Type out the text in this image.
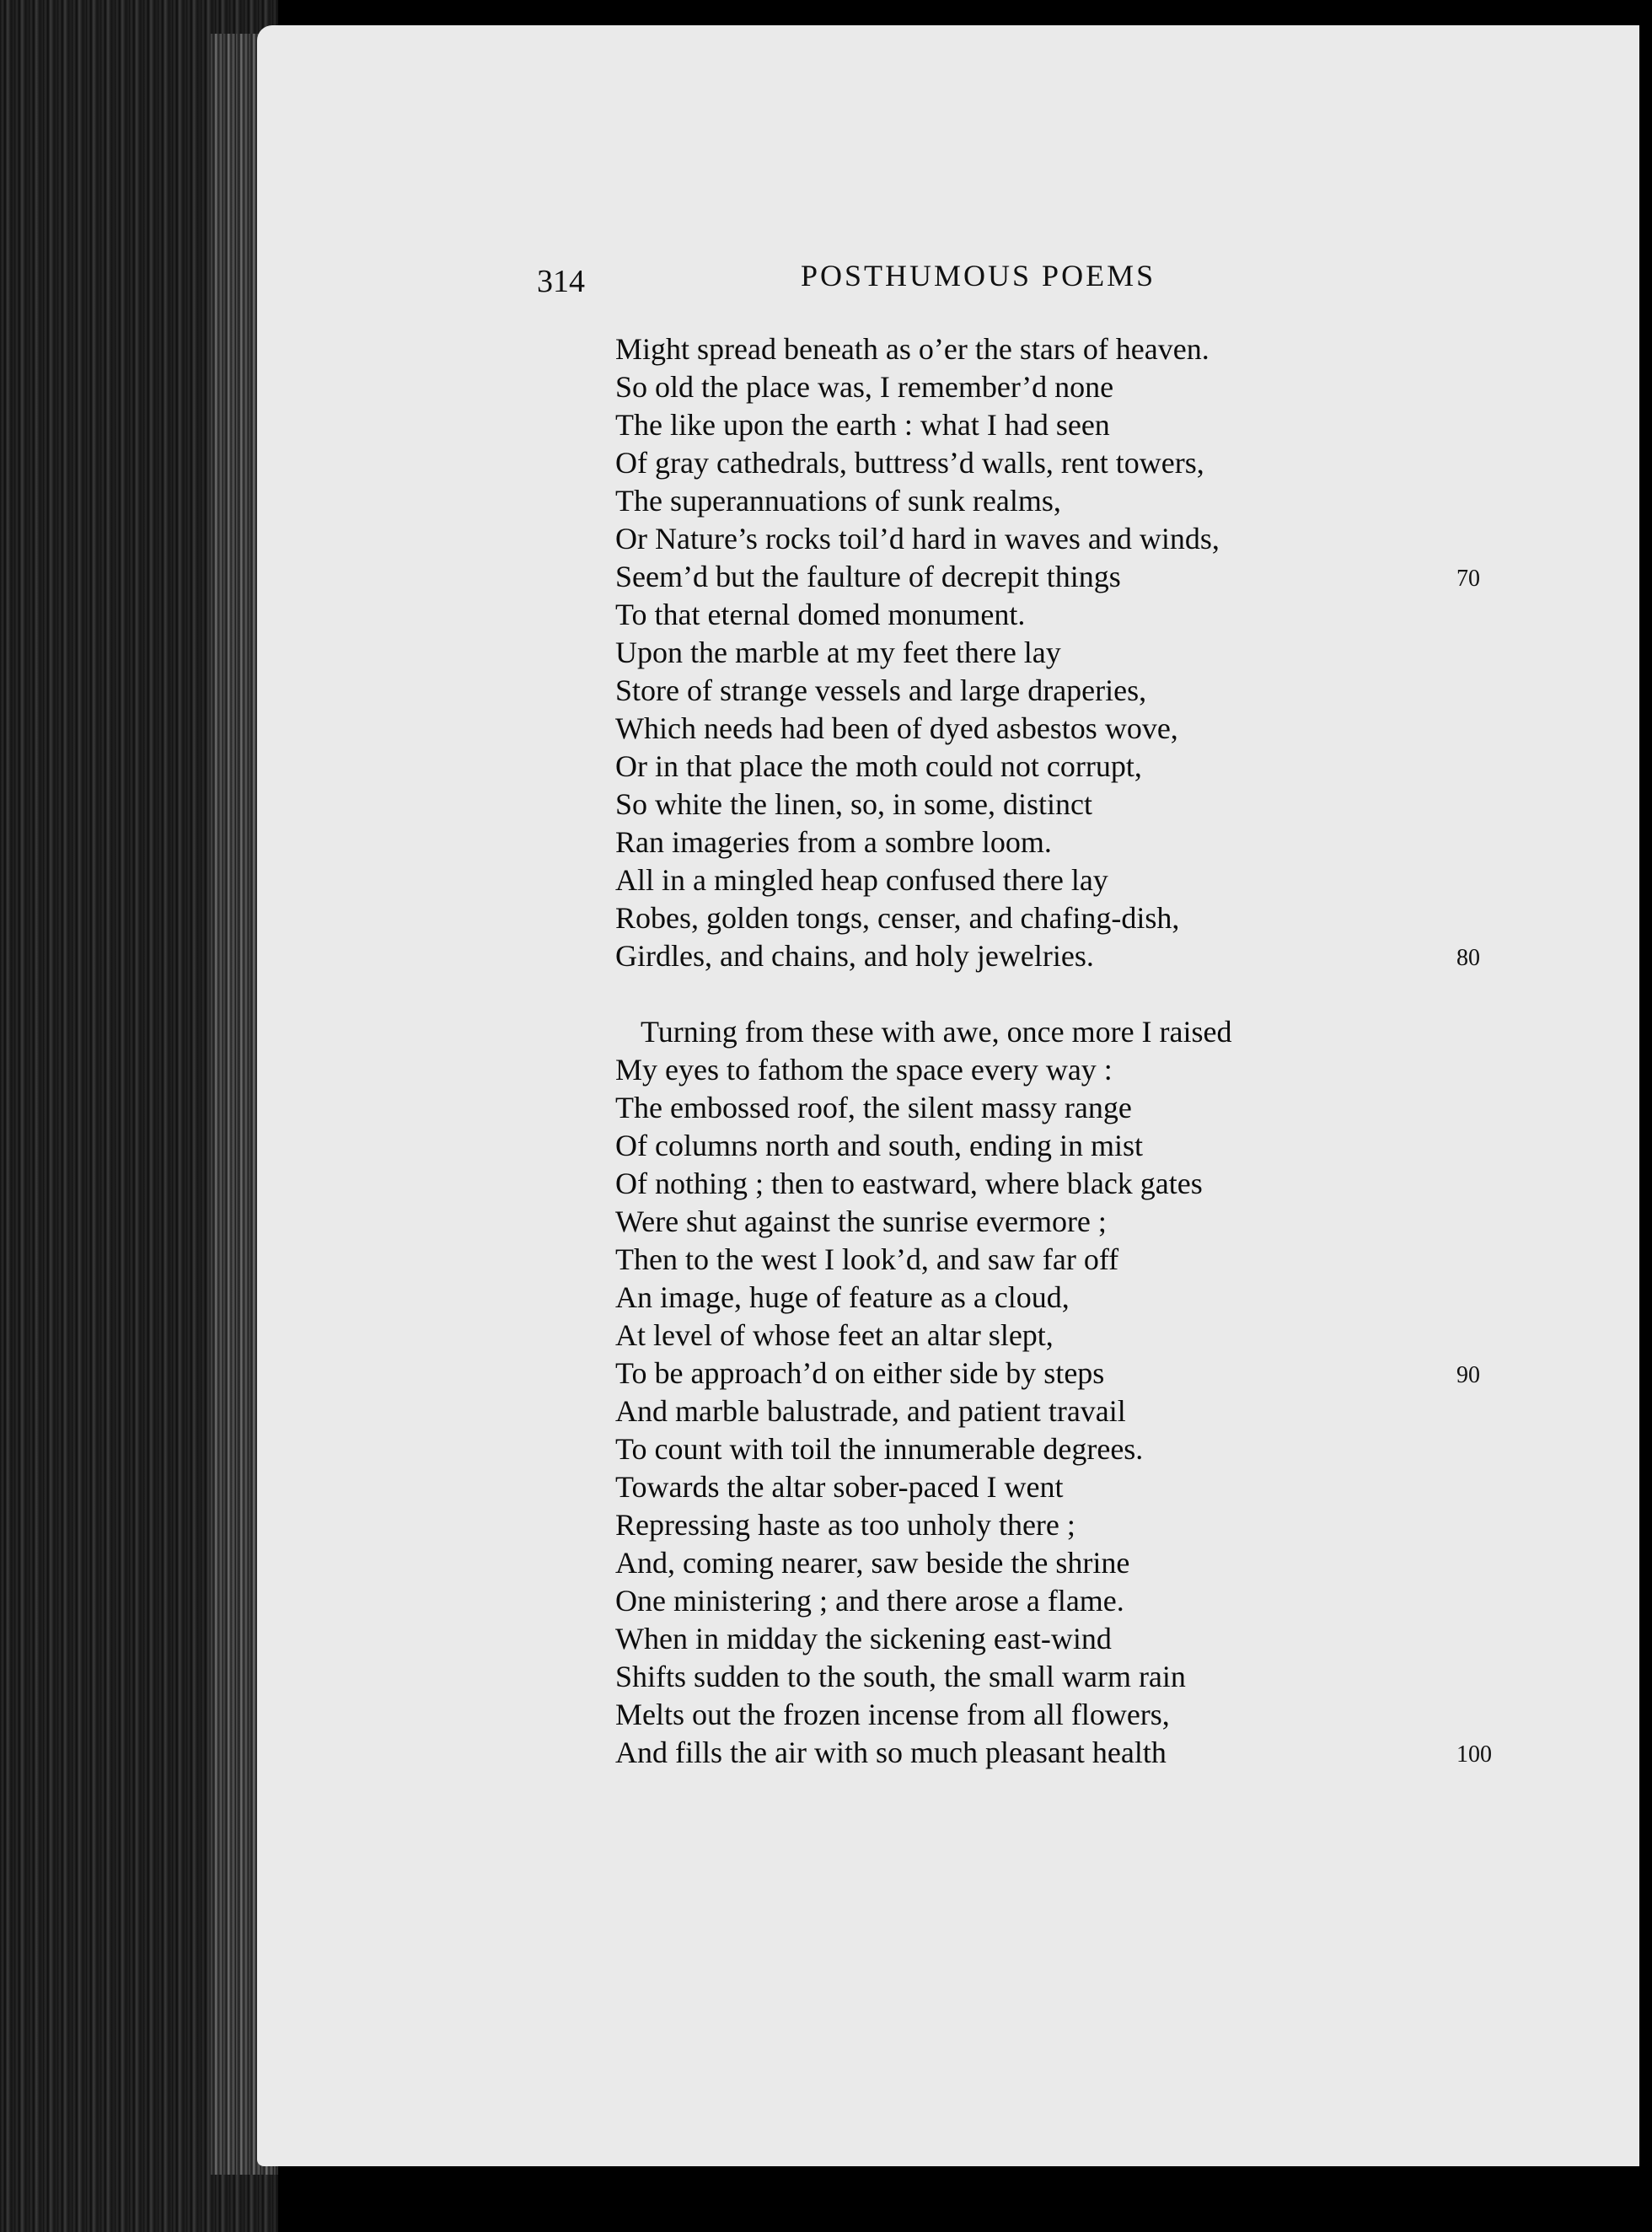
314	POSTHUMOUS POEMS
Might spread beneath as o’er the stars of heaven.
So old the place was, I remember’d none
The like upon the earth : what I had seen
Of gray cathedrals, buttress’d walls, rent towers,
The superannuations of sunk realms,
Or Nature’s rocks toil’d hard in waves and winds,
Seem’d but the faulture of decrepit things	70
To that eternal domed monument.
Upon the marble at my feet there lay
Store of strange vessels and large draperies,
Which needs had been of dyed asbestos wove,
Or in that place the moth could not corrupt,
So white the linen, so, in some, distinct
Ran imageries from a sombre loom.
All in a mingled heap confused there lay
Robes, golden tongs, censer, and chafing-dish,
Girdles, and chains, and holy jewelries.	80
Turning from these with awe, once more I raised
My eyes to fathom the space every way :
The embossed roof, the silent massy range
Of columns north and south, ending in mist
Of nothing ; then to eastward, where black gates
Were shut against the sunrise evermore ;
Then to the west I look’d, and saw far off
An image, huge of feature as a cloud,
At level of whose feet an altar slept,
To be approach’d on either side by steps	90
And marble balustrade, and patient travail
To count with toil the innumerable degrees.
Towards the altar sober-paced I went
Repressing haste as too unholy there ;
And, coming nearer, saw beside the shrine
One ministering ; and there arose a flame.
When in midday the sickening east-wind
Shifts sudden to the south, the small warm rain
Melts out the frozen incense from all flowers,
And fills the air with so much pleasant health	100
